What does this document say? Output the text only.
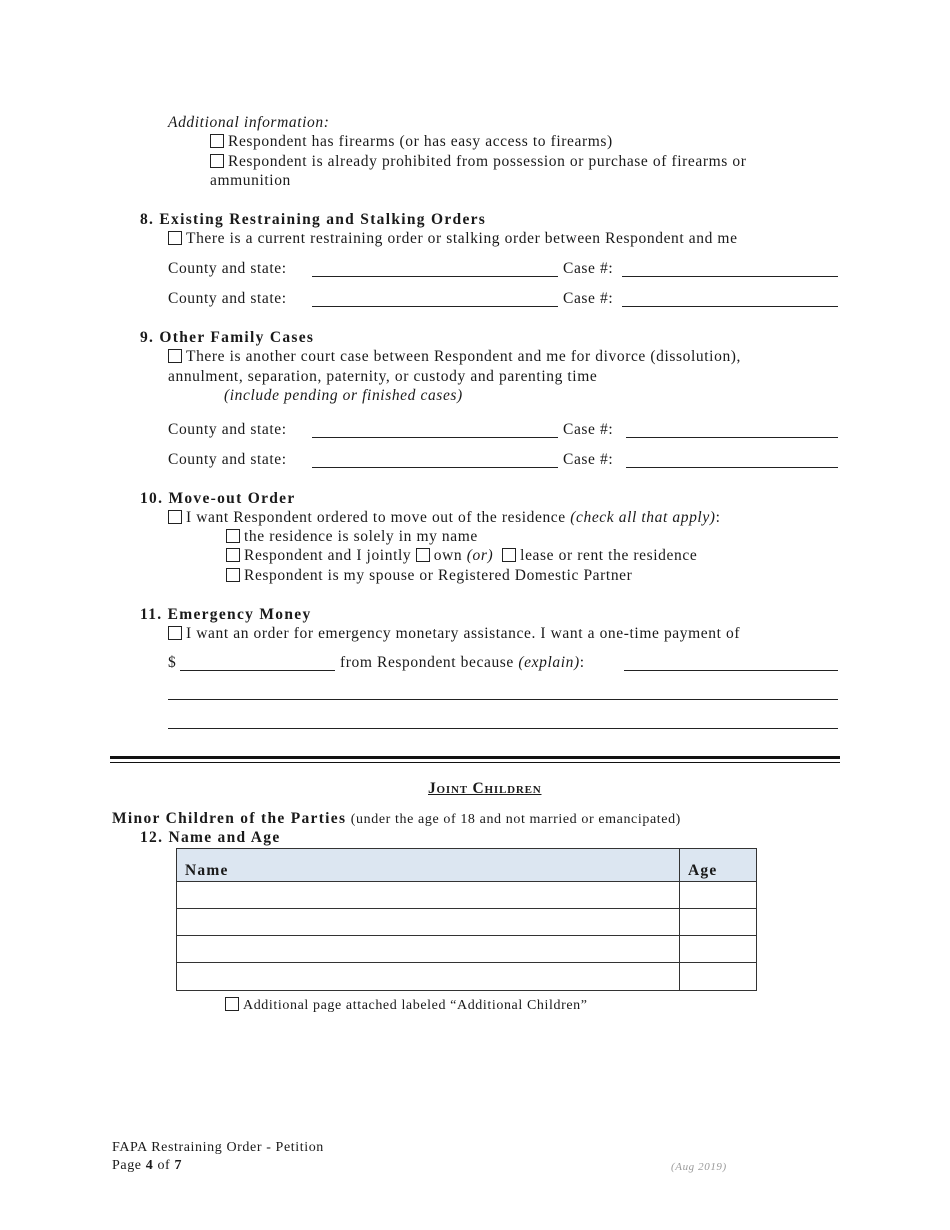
Additional information:
Respondent has firearms (or has easy access to firearms)
Respondent is already prohibited from possession or purchase of firearms or
ammunition
8. Existing Restraining and Stalking Orders
There is a current restraining order or stalking order between Respondent and me
County and state:	Case #:
County and state:	Case #:
9. Other Family Cases
There is another court case between Respondent and me for divorce (dissolution),
annulment, separation, paternity, or custody and parenting time
(include pending or finished cases)
County and state:	Case #:
County and state:	Case #:
10. Move-out Order
I want Respondent ordered to move out of the residence (check all that apply):
the residence is solely in my name
Respondent and I jointly own (or) lease or rent the residence
Respondent is my spouse or Registered Domestic Partner
11. Emergency Money
I want an order for emergency monetary assistance. I want a one-time payment of
$	from Respondent because (explain):
Joint Children
Minor Children of the Parties (under the age of 18 and not married or emancipated)
12. Name and Age
Name	Age

Additional page attached labeled “Additional Children”
FAPA Restraining Order - Petition
Page 4 of 7	(Aug 2019)
